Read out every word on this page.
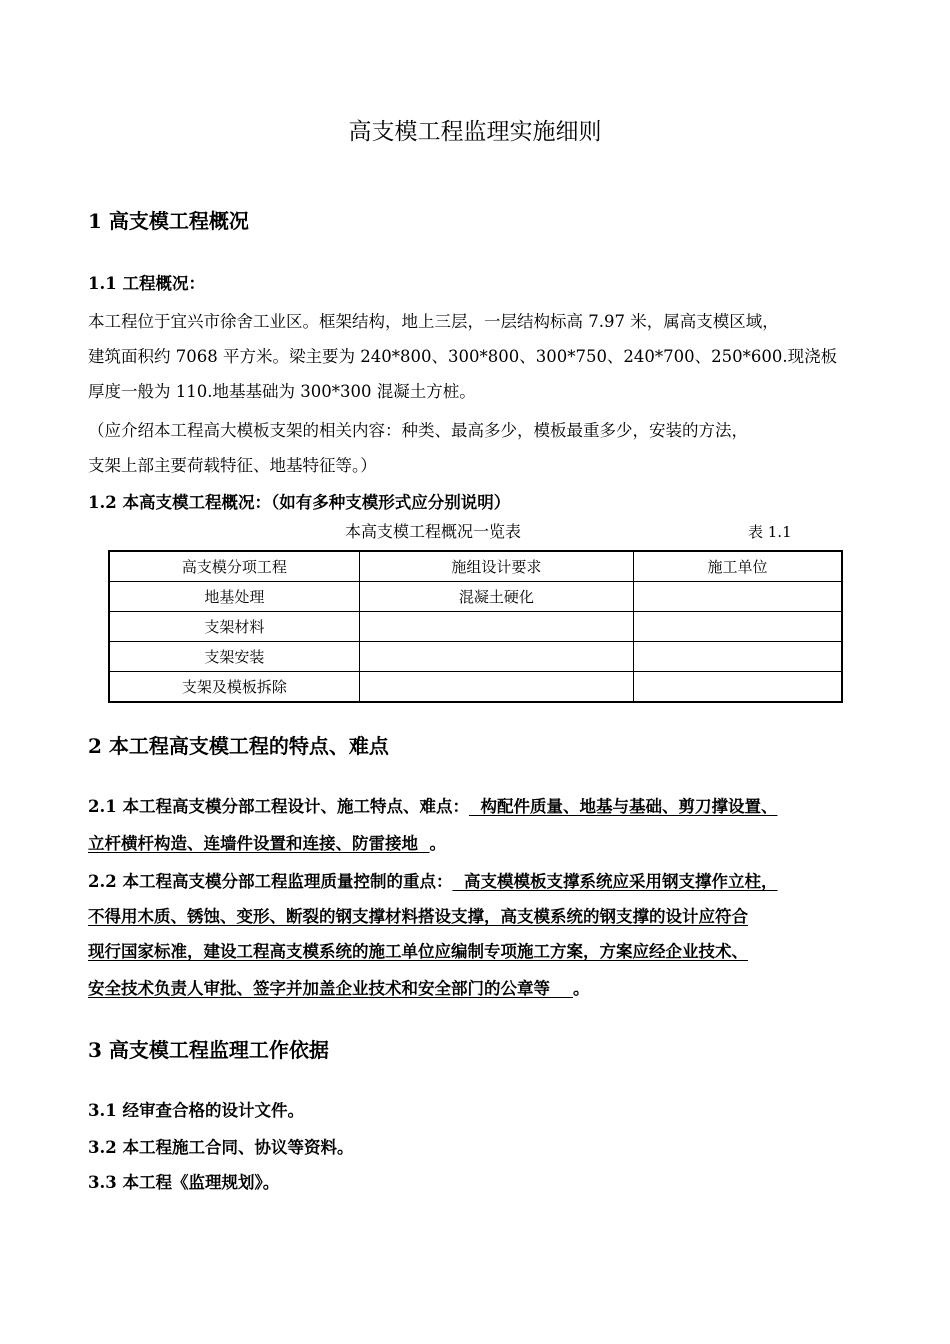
高支模工程监理实施细则
1 高支模工程概况
1.1 工程概况：
本工程位于宜兴市徐舍工业区。框架结构，地上三层，一层结构标高 7.97 米，属高支模区域，
建筑面积约 7068 平方米。梁主要为 240*800、300*800、300*750、240*700、250*600.现浇板
厚度一般为 110.地基基础为 300*300 混凝土方桩。
（应介绍本工程高大模板支架的相关内容：种类、最高多少，模板最重多少，安装的方法，
支架上部主要荷载特征、地基特征等。）
1.2 本高支模工程概况：（如有多种支模形式应分别说明）
本高支模工程概况一览表	表 1.1
高支模分项工程	施组设计要求	施工单位
地基处理	混凝土硬化	
支架材料		
支架安装		
支架及模板拆除		
2 本工程高支模工程的特点、难点
2.1 本工程高支模分部工程设计、施工特点、难点：  构配件质量、地基与基础、剪刀撑设置、
立杆横杆构造、连墙件设置和连接、防雷接地  。
2.2 本工程高支模分部工程监理质量控制的重点：  高支模模板支撑系统应采用钢支撑作立柱，
不得用木质、锈蚀、变形、断裂的钢支撑材料搭设支撑，高支模系统的钢支撑的设计应符合
现行国家标准，建设工程高支模系统的施工单位应编制专项施工方案，方案应经企业技术、
安全技术负责人审批、签字并加盖企业技术和安全部门的公章等    。
3 高支模工程监理工作依据
3.1 经审查合格的设计文件。
3.2 本工程施工合同、协议等资料。
3.3 本工程《监理规划》。
